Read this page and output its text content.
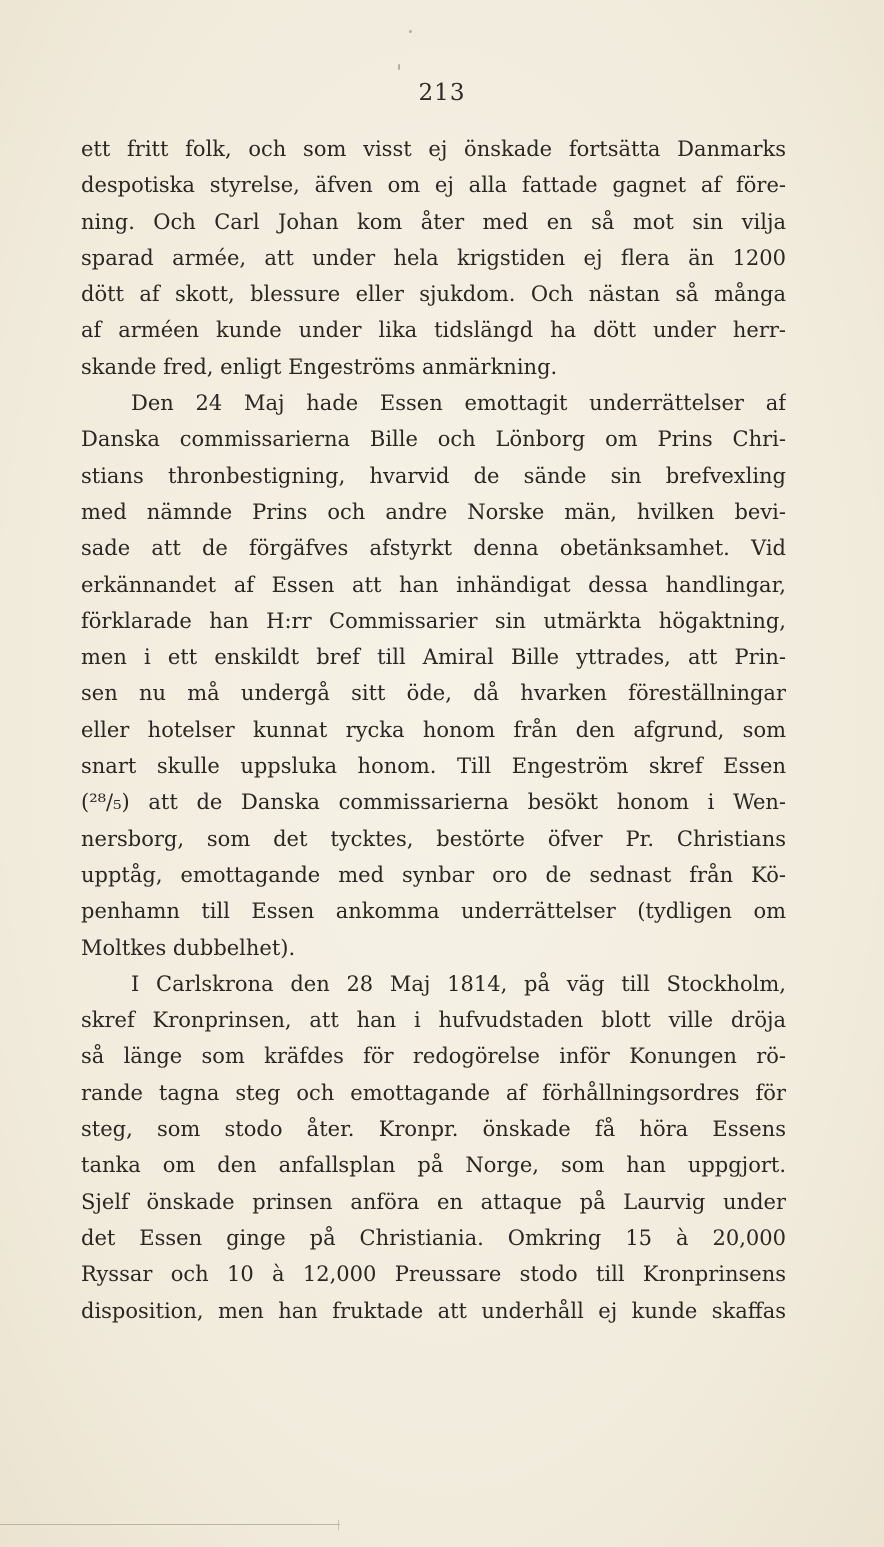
213
ett fritt folk, och som visst ej önskade fortsätta Danmarks
despotiska styrelse, äfven om ej alla fattade gagnet af före-
ning. Och Carl Johan kom åter med en så mot sin vilja
sparad armée, att under hela krigstiden ej flera än 1200
dött af skott, blessure eller sjukdom. Och nästan så många
af arméen kunde under lika tidslängd ha dött under herr-
skande fred, enligt Engeströms anmärkning.
Den 24 Maj hade Essen emottagit underrättelser af
Danska commissarierna Bille och Lönborg om Prins Chri-
stians thronbestigning, hvarvid de sände sin brefvexling
med nämnde Prins och andre Norske män, hvilken bevi-
sade att de förgäfves afstyrkt denna obetänksamhet. Vid
erkännandet af Essen att han inhändigat dessa handlingar,
förklarade han H:rr Commissarier sin utmärkta högaktning,
men i ett enskildt bref till Amiral Bille yttrades, att Prin-
sen nu må undergå sitt öde, då hvarken föreställningar
eller hotelser kunnat rycka honom från den afgrund, som
snart skulle uppsluka honom. Till Engeström skref Essen
(²⁸/₅) att de Danska commissarierna besökt honom i Wen-
nersborg, som det tycktes, bestörte öfver Pr. Christians
upptåg, emottagande med synbar oro de sednast från Kö-
penhamn till Essen ankomma underrättelser (tydligen om
Moltkes dubbelhet).
I Carlskrona den 28 Maj 1814, på väg till Stockholm,
skref Kronprinsen, att han i hufvudstaden blott ville dröja
så länge som kräfdes för redogörelse inför Konungen rö-
rande tagna steg och emottagande af förhållningsordres för
steg, som stodo åter. Kronpr. önskade få höra Essens
tanka om den anfallsplan på Norge, som han uppgjort.
Sjelf önskade prinsen anföra en attaque på Laurvig under
det Essen ginge på Christiania. Omkring 15 à 20,000
Ryssar och 10 à 12,000 Preussare stodo till Kronprinsens
disposition, men han fruktade att underhåll ej kunde skaffas
